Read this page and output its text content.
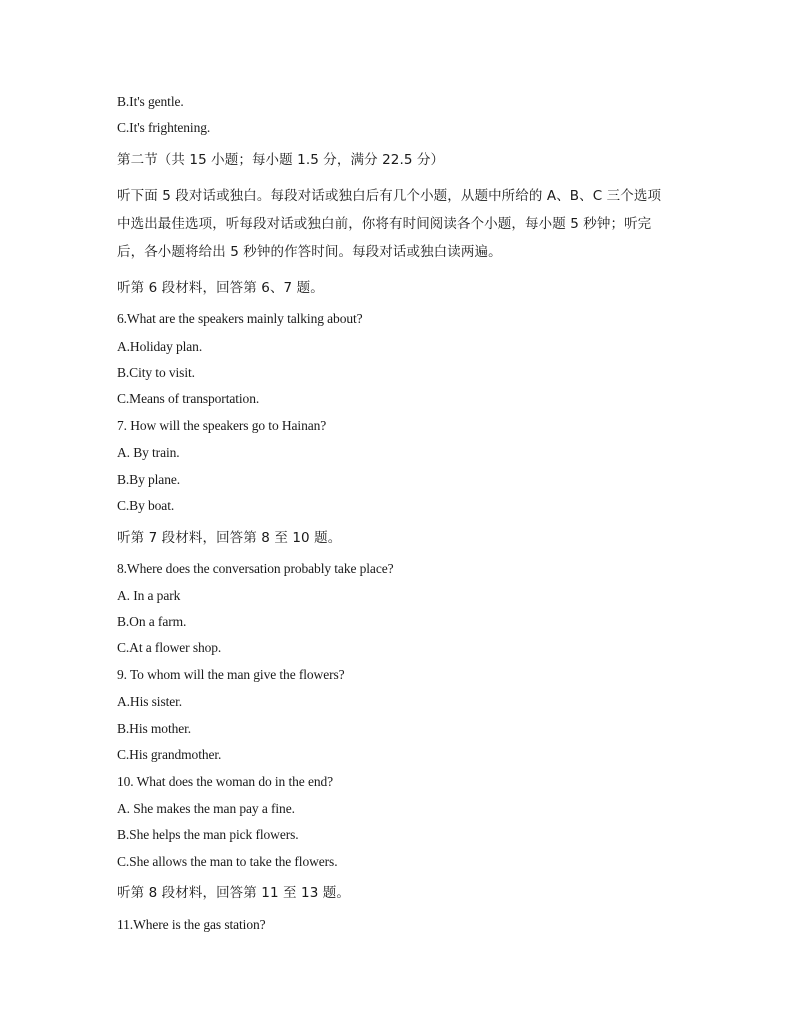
B.It's gentle.
C.It's frightening.
第二节（共 15 小题；每小题 1.5 分，满分 22.5 分）
听下面 5 段对话或独白。每段对话或独白后有几个小题，从题中所给的 A、B、C 三个选项
中选出最佳选项，听每段对话或独白前，你将有时间阅读各个小题，每小题 5 秒钟；听完
后，各小题将给出 5 秒钟的作答时间。每段对话或独白读两遍。
听第 6 段材料，回答第 6、7 题。
6.What are the speakers mainly talking about?
A.Holiday plan.
B.City to visit.
C.Means of transportation.
7. How will the speakers go to Hainan?
A. By train.
B.By plane.
C.By boat.
听第 7 段材料，回答第 8 至 10 题。
8.Where does the conversation probably take place?
A. In a park
B.On a farm.
C.At a flower shop.
9. To whom will the man give the flowers?
A.His sister.
B.His mother.
C.His grandmother.
10. What does the woman do in the end?
A. She makes the man pay a fine.
B.She helps the man pick flowers.
C.She allows the man to take the flowers.
听第 8 段材料，回答第 11 至 13 题。
11.Where is the gas station?
